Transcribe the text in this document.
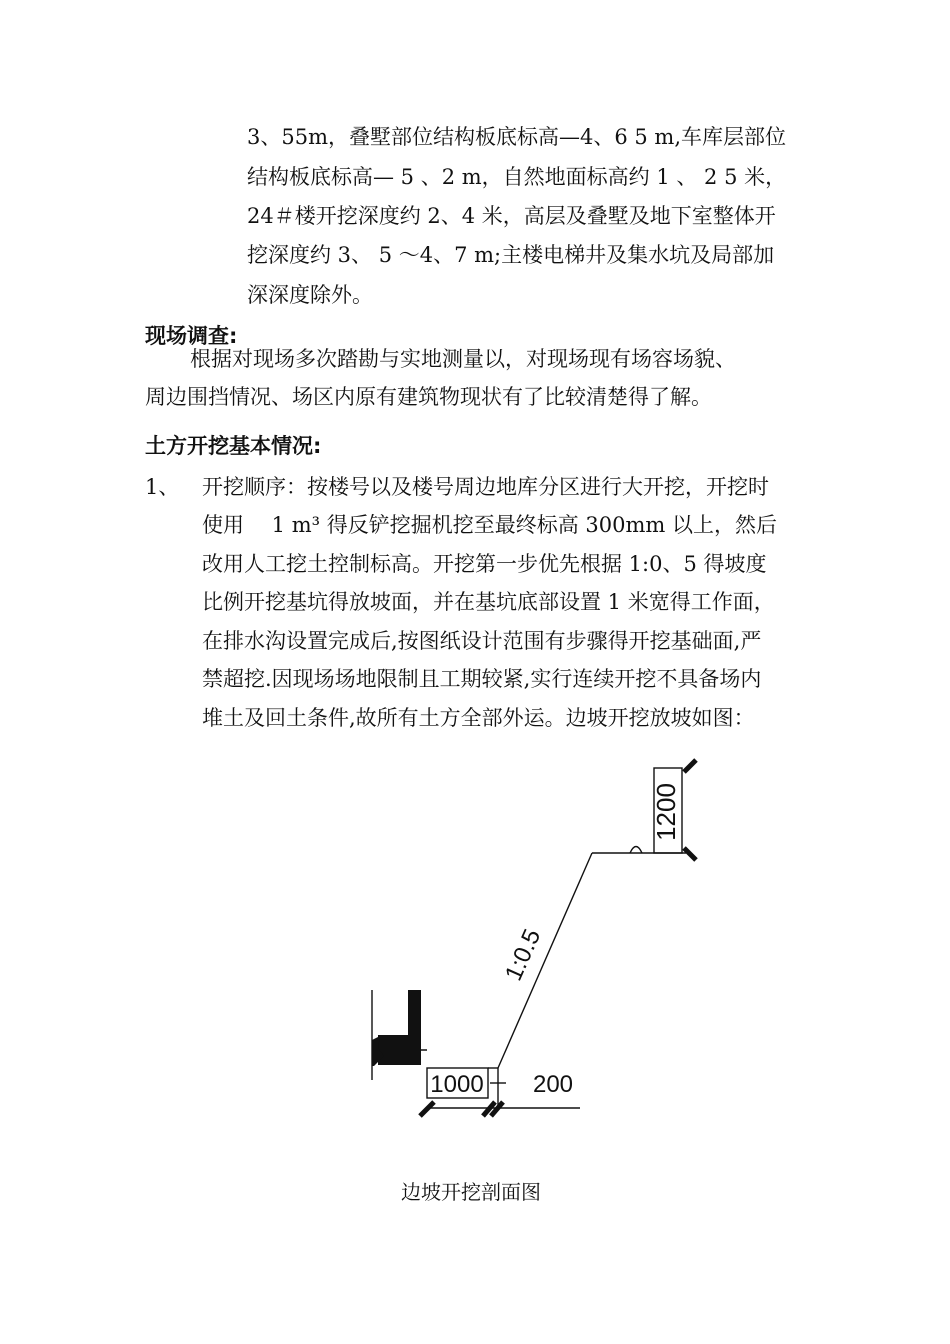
3、55m，叠墅部位结构板底标高—4、6 5 m,车库层部位
结构板底标高— 5 、2 m，自然地面标高约 1 、 2 5 米，
24＃楼开挖深度约 2、4 米，高层及叠墅及地下室整体开
挖深度约 3、 5 ～4、7 m;主楼电梯井及集水坑及局部加
深深度除外。
现场调查:
根据对现场多次踏勘与实地测量以，对现场现有场容场貌、
周边围挡情况、场区内原有建筑物现状有了比较清楚得了解。
土方开挖基本情况:
1、 开挖顺序：按楼号以及楼号周边地库分区进行大开挖，开挖时
使用　 1 m³ 得反铲挖掘机挖至最终标高 300mm 以上，然后
改用人工挖土控制标高。开挖第一步优先根据 1:0、5 得坡度
比例开挖基坑得放坡面，并在基坑底部设置 1 米宽得工作面，
在排水沟设置完成后,按图纸设计范围有步骤得开挖基础面,严
禁超挖.因现场场地限制且工期较紧,实行连续开挖不具备场内
堆土及回土条件,故所有土方全部外运。边坡开挖放坡如图：
1200
1000 200
1:0.5
边坡开挖剖面图
